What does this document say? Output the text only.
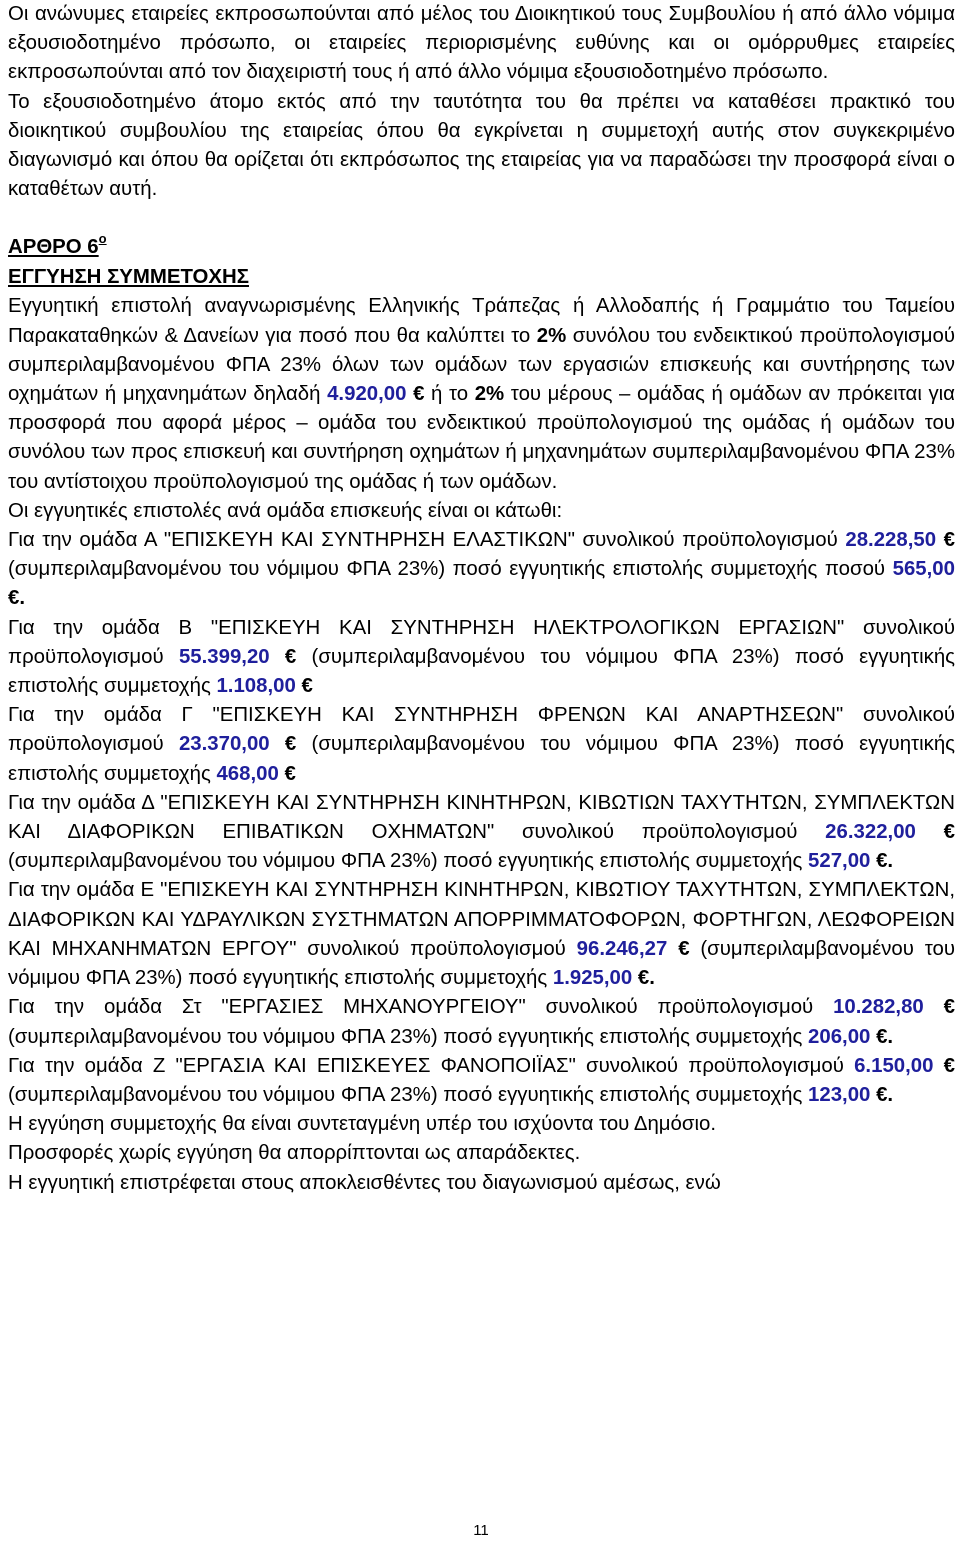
Οι ανώνυμες εταιρείες εκπροσωπούνται από μέλος του Διοικητικού τους Συμβουλίου ή από άλλο νόμιμα εξουσιοδοτημένο πρόσωπο, οι εταιρείες περιορισμένης ευθύνης και οι ομόρρυθμες εταιρείες εκπροσωπούνται από τον διαχειριστή τους ή από άλλο νόμιμα εξουσιοδοτημένο πρόσωπο.

Το εξουσιοδοτημένο άτομο εκτός από την ταυτότητα του θα πρέπει να καταθέσει πρακτικό του διοικητικού συμβουλίου της εταιρείας όπου θα εγκρίνεται η συμμετοχή αυτής στον συγκεκριμένο διαγωνισμό και όπου θα ορίζεται ότι εκπρόσωπος της εταιρείας για να παραδώσει την προσφορά είναι ο καταθέτων αυτή.

ΑΡΘΡΟ $6^o$

ΕΓΓΥΗΣΗ ΣΥΜΜΕΤΟΧΗΣ

Εγγυητική επιστολή αναγνωρισμένης Ελληνικής Τράπεζας ή Αλλοδαπής ή Γραμμάτιο του Ταμείου Παρακαταθηκών & Δανείων για ποσό που θα καλύπτει το 2% συνόλου του ενδεικτικού προϋπολογισμού συμπεριλαμβανομένου ΦΠΑ 23% όλων των ομάδων των εργασιών επισκευής και συντήρησης των οχημάτων ή μηχανημάτων δηλαδή 4.920,00 € ή το 2% του μέρους – ομάδας ή ομάδων αν πρόκειται για προσφορά που αφορά μέρος – ομάδα του ενδεικτικού προϋπολογισμού της ομάδας ή ομάδων του συνόλου των προς επισκευή και συντήρηση οχημάτων ή μηχανημάτων συμπεριλαμβανομένου ΦΠΑ 23% του αντίστοιχου προϋπολογισμού της ομάδας ή των ομάδων.

Οι εγγυητικές επιστολές ανά ομάδα επισκευής είναι οι κάτωθι:

Για την ομάδα Α "ΕΠΙΣΚΕΥΗ ΚΑΙ ΣΥΝΤΗΡΗΣΗ ΕΛΑΣΤΙΚΩΝ" συνολικού προϋπολογισμού 28.228,50 € (συμπεριλαμβανομένου του νόμιμου ΦΠΑ 23%) ποσό εγγυητικής επιστολής συμμετοχής ποσού 565,00 €.

Για την ομάδα Β "ΕΠΙΣΚΕΥΗ ΚΑΙ ΣΥΝΤΗΡΗΣΗ ΗΛΕΚΤΡΟΛΟΓΙΚΩΝ ΕΡΓΑΣΙΩΝ" συνολικού προϋπολογισμού 55.399,20 € (συμπεριλαμβανομένου του νόμιμου ΦΠΑ 23%) ποσό εγγυητικής επιστολής συμμετοχής 1.108,00 €

Για την ομάδα Γ "ΕΠΙΣΚΕΥΗ ΚΑΙ ΣΥΝΤΗΡΗΣΗ ΦΡΕΝΩΝ ΚΑΙ ΑΝΑΡΤΗΣΕΩΝ" συνολικού προϋπολογισμού 23.370,00 € (συμπεριλαμβανομένου του νόμιμου ΦΠΑ 23%) ποσό εγγυητικής επιστολής συμμετοχής 468,00 €

Για την ομάδα Δ "ΕΠΙΣΚΕΥΗ ΚΑΙ ΣΥΝΤΗΡΗΣΗ ΚΙΝΗΤΗΡΩΝ, ΚΙΒΩΤΙΩΝ ΤΑΧΥΤΗΤΩΝ, ΣΥΜΠΛΕΚΤΩΝ ΚΑΙ ΔΙΑΦΟΡΙΚΩΝ ΕΠΙΒΑΤΙΚΩΝ ΟΧΗΜΑΤΩΝ" συνολικού προϋπολογισμού 26.322,00 € (συμπεριλαμβανομένου του νόμιμου ΦΠΑ 23%) ποσό εγγυητικής επιστολής συμμετοχής 527,00 €.

Για την ομάδα Ε "ΕΠΙΣΚΕΥΗ ΚΑΙ ΣΥΝΤΗΡΗΣΗ ΚΙΝΗΤΗΡΩΝ, ΚΙΒΩΤΙΟΥ ΤΑΧΥΤΗΤΩΝ, ΣΥΜΠΛΕΚΤΩΝ, ΔΙΑΦΟΡΙΚΩΝ ΚΑΙ ΥΔΡΑΥΛΙΚΩΝ ΣΥΣΤΗΜΑΤΩΝ ΑΠΟΡΡΙΜΜΑΤΟΦΟΡΩΝ, ΦΟΡΤΗΓΩΝ, ΛΕΩΦΟΡΕΙΩΝ ΚΑΙ ΜΗΧΑΝΗΜΑΤΩΝ ΕΡΓΟΥ" συνολικού προϋπολογισμού 96.246,27 € (συμπεριλαμβανομένου του νόμιμου ΦΠΑ 23%) ποσό εγγυητικής επιστολής συμμετοχής 1.925,00 €.

Για την ομάδα Στ "ΕΡΓΑΣΙΕΣ ΜΗΧΑΝΟΥΡΓΕΙΟΥ" συνολικού προϋπολογισμού 10.282,80 € (συμπεριλαμβανομένου του νόμιμου ΦΠΑ 23%) ποσό εγγυητικής επιστολής συμμετοχής 206,00 €.

Για την ομάδα Ζ "ΕΡΓΑΣΙΑ ΚΑΙ ΕΠΙΣΚΕΥΕΣ ΦΑΝΟΠΟΙΪΑΣ" συνολικού προϋπολογισμού 6.150,00 € (συμπεριλαμβανομένου του νόμιμου ΦΠΑ 23%) ποσό εγγυητικής επιστολής συμμετοχής 123,00 €.

Η εγγύηση συμμετοχής θα είναι συντεταγμένη υπέρ του ισχύοντα του Δημόσιο.

Προσφορές χωρίς εγγύηση θα απορρίπτονται ως απαράδεκτες.

Η εγγυητική επιστρέφεται στους αποκλεισθέντες του διαγωνισμού αμέσως, ενώ

11
